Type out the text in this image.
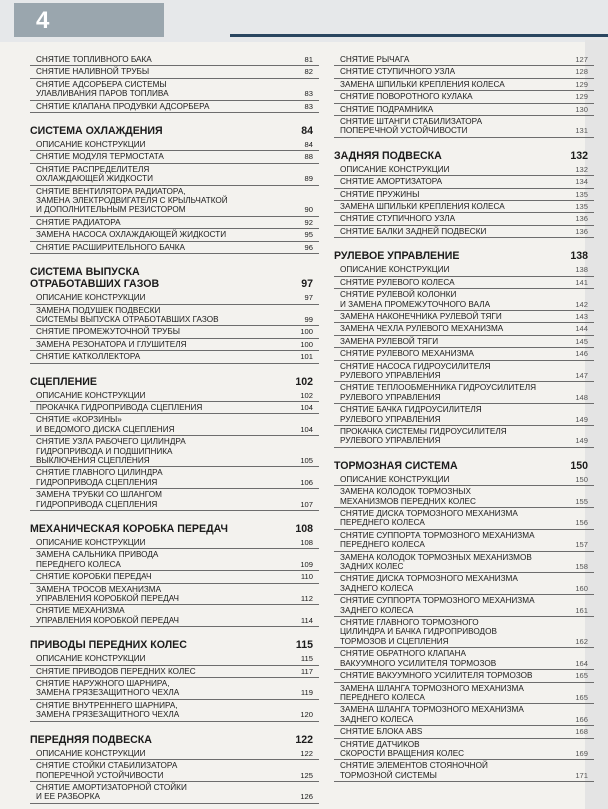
4
СНЯТИЕ ТОПЛИВНОГО БАКА	81
СНЯТИЕ НАЛИВНОЙ ТРУБЫ	82
СНЯТИЕ АДСОРБЕРА СИСТЕМЫ
УЛАВЛИВАНИЯ ПАРОВ ТОПЛИВА	83
СНЯТИЕ КЛАПАНА ПРОДУВКИ АДСОРБЕРА	83
СИСТЕМА ОХЛАЖДЕНИЯ	84
ОПИСАНИЕ КОНСТРУКЦИИ	84
СНЯТИЕ МОДУЛЯ ТЕРМОСТАТА	88
СНЯТИЕ РАСПРЕДЕЛИТЕЛЯ
ОХЛАЖДАЮЩЕЙ ЖИДКОСТИ	89
СНЯТИЕ ВЕНТИЛЯТОРА РАДИАТОРА,
ЗАМЕНА ЭЛЕКТРОДВИГАТЕЛЯ С КРЫЛЬЧАТКОЙ
И ДОПОЛНИТЕЛЬНЫМ РЕЗИСТОРОМ	90
СНЯТИЕ РАДИАТОРА	92
ЗАМЕНА НАСОСА ОХЛАЖДАЮЩЕЙ ЖИДКОСТИ	95
СНЯТИЕ РАСШИРИТЕЛЬНОГО БАЧКА	96
СИСТЕМА ВЫПУСКА
ОТРАБОТАВШИХ ГАЗОВ	97
ОПИСАНИЕ КОНСТРУКЦИИ	97
ЗАМЕНА ПОДУШЕК ПОДВЕСКИ
СИСТЕМЫ ВЫПУСКА ОТРАБОТАВШИХ ГАЗОВ	99
СНЯТИЕ ПРОМЕЖУТОЧНОЙ ТРУБЫ	100
ЗАМЕНА РЕЗОНАТОРА И ГЛУШИТЕЛЯ	100
СНЯТИЕ КАТКОЛЛЕКТОРА	101
СЦЕПЛЕНИЕ	102
ОПИСАНИЕ КОНСТРУКЦИИ	102
ПРОКАЧКА ГИДРОПРИВОДА СЦЕПЛЕНИЯ	104
СНЯТИЕ «КОРЗИНЫ»
И ВЕДОМОГО ДИСКА СЦЕПЛЕНИЯ	104
СНЯТИЕ УЗЛА РАБОЧЕГО ЦИЛИНДРА
ГИДРОПРИВОДА И ПОДШИПНИКА
ВЫКЛЮЧЕНИЯ СЦЕПЛЕНИЯ	105
СНЯТИЕ ГЛАВНОГО ЦИЛИНДРА
ГИДРОПРИВОДА СЦЕПЛЕНИЯ	106
ЗАМЕНА ТРУБКИ СО ШЛАНГОМ
ГИДРОПРИВОДА СЦЕПЛЕНИЯ	107
МЕХАНИЧЕСКАЯ КОРОБКА ПЕРЕДАЧ	108
ОПИСАНИЕ КОНСТРУКЦИИ	108
ЗАМЕНА САЛЬНИКА ПРИВОДА
ПЕРЕДНЕГО КОЛЕСА	109
СНЯТИЕ КОРОБКИ ПЕРЕДАЧ	110
ЗАМЕНА ТРОСОВ МЕХАНИЗМА
УПРАВЛЕНИЯ КОРОБКОЙ ПЕРЕДАЧ	112
СНЯТИЕ МЕХАНИЗМА
УПРАВЛЕНИЯ КОРОБКОЙ ПЕРЕДАЧ	114
ПРИВОДЫ ПЕРЕДНИХ КОЛЕС	115
ОПИСАНИЕ КОНСТРУКЦИИ	115
СНЯТИЕ ПРИВОДОВ ПЕРЕДНИХ КОЛЕС	117
СНЯТИЕ НАРУЖНОГО ШАРНИРА,
ЗАМЕНА ГРЯЗЕЗАЩИТНОГО ЧЕХЛА	119
СНЯТИЕ ВНУТРЕННЕГО ШАРНИРА,
ЗАМЕНА ГРЯЗЕЗАЩИТНОГО ЧЕХЛА	120
ПЕРЕДНЯЯ ПОДВЕСКА	122
ОПИСАНИЕ КОНСТРУКЦИИ	122
СНЯТИЕ СТОЙКИ СТАБИЛИЗАТОРА
ПОПЕРЕЧНОЙ УСТОЙЧИВОСТИ	125
СНЯТИЕ АМОРТИЗАТОРНОЙ СТОЙКИ
И ЕЕ РАЗБОРКА	126
СНЯТИЕ РЫЧАГА	127
СНЯТИЕ СТУПИЧНОГО УЗЛА	128
ЗАМЕНА ШПИЛЬКИ КРЕПЛЕНИЯ КОЛЕСА	129
СНЯТИЕ ПОВОРОТНОГО КУЛАКА	129
СНЯТИЕ ПОДРАМНИКА	130
СНЯТИЕ ШТАНГИ СТАБИЛИЗАТОРА
ПОПЕРЕЧНОЙ УСТОЙЧИВОСТИ	131
ЗАДНЯЯ ПОДВЕСКА	132
ОПИСАНИЕ КОНСТРУКЦИИ	132
СНЯТИЕ АМОРТИЗАТОРА	134
СНЯТИЕ ПРУЖИНЫ	135
ЗАМЕНА ШПИЛЬКИ КРЕПЛЕНИЯ КОЛЕСА	135
СНЯТИЕ СТУПИЧНОГО УЗЛА	136
СНЯТИЕ БАЛКИ ЗАДНЕЙ ПОДВЕСКИ	136
РУЛЕВОЕ УПРАВЛЕНИЕ	138
ОПИСАНИЕ КОНСТРУКЦИИ	138
СНЯТИЕ РУЛЕВОГО КОЛЕСА	141
СНЯТИЕ РУЛЕВОЙ КОЛОНКИ
И ЗАМЕНА ПРОМЕЖУТОЧНОГО ВАЛА	142
ЗАМЕНА НАКОНЕЧНИКА РУЛЕВОЙ ТЯГИ	143
ЗАМЕНА ЧЕХЛА РУЛЕВОГО МЕХАНИЗМА	144
ЗАМЕНА РУЛЕВОЙ ТЯГИ	145
СНЯТИЕ РУЛЕВОГО МЕХАНИЗМА	146
СНЯТИЕ НАСОСА ГИДРОУСИЛИТЕЛЯ
РУЛЕВОГО УПРАВЛЕНИЯ	147
СНЯТИЕ ТЕПЛООБМЕННИКА ГИДРОУСИЛИТЕЛЯ
РУЛЕВОГО УПРАВЛЕНИЯ	148
СНЯТИЕ БАЧКА ГИДРОУСИЛИТЕЛЯ
РУЛЕВОГО УПРАВЛЕНИЯ	149
ПРОКАЧКА СИСТЕМЫ ГИДРОУСИЛИТЕЛЯ
РУЛЕВОГО УПРАВЛЕНИЯ	149
ТОРМОЗНАЯ СИСТЕМА	150
ОПИСАНИЕ КОНСТРУКЦИИ	150
ЗАМЕНА КОЛОДОК ТОРМОЗНЫХ
МЕХАНИЗМОВ ПЕРЕДНИХ КОЛЕС	155
СНЯТИЕ ДИСКА ТОРМОЗНОГО МЕХАНИЗМА
ПЕРЕДНЕГО КОЛЕСА	156
СНЯТИЕ СУППОРТА ТОРМОЗНОГО МЕХАНИЗМА
ПЕРЕДНЕГО КОЛЕСА	157
ЗАМЕНА КОЛОДОК ТОРМОЗНЫХ МЕХАНИЗМОВ
ЗАДНИХ КОЛЕС	158
СНЯТИЕ ДИСКА ТОРМОЗНОГО МЕХАНИЗМА
ЗАДНЕГО КОЛЕСА	160
СНЯТИЕ СУППОРТА ТОРМОЗНОГО МЕХАНИЗМА
ЗАДНЕГО КОЛЕСА	161
СНЯТИЕ ГЛАВНОГО ТОРМОЗНОГО
ЦИЛИНДРА И БАЧКА ГИДРОПРИВОДОВ
ТОРМОЗОВ И СЦЕПЛЕНИЯ	162
СНЯТИЕ ОБРАТНОГО КЛАПАНА
ВАКУУМНОГО УСИЛИТЕЛЯ ТОРМОЗОВ	164
СНЯТИЕ ВАКУУМНОГО УСИЛИТЕЛЯ ТОРМОЗОВ	165
ЗАМЕНА ШЛАНГА ТОРМОЗНОГО МЕХАНИЗМА
ПЕРЕДНЕГО КОЛЕСА	165
ЗАМЕНА ШЛАНГА ТОРМОЗНОГО МЕХАНИЗМА
ЗАДНЕГО КОЛЕСА	166
СНЯТИЕ БЛОКА ABS	168
СНЯТИЕ ДАТЧИКОВ
СКОРОСТИ ВРАЩЕНИЯ КОЛЕС	169
СНЯТИЕ ЭЛЕМЕНТОВ СТОЯНОЧНОЙ
ТОРМОЗНОЙ СИСТЕМЫ	171
